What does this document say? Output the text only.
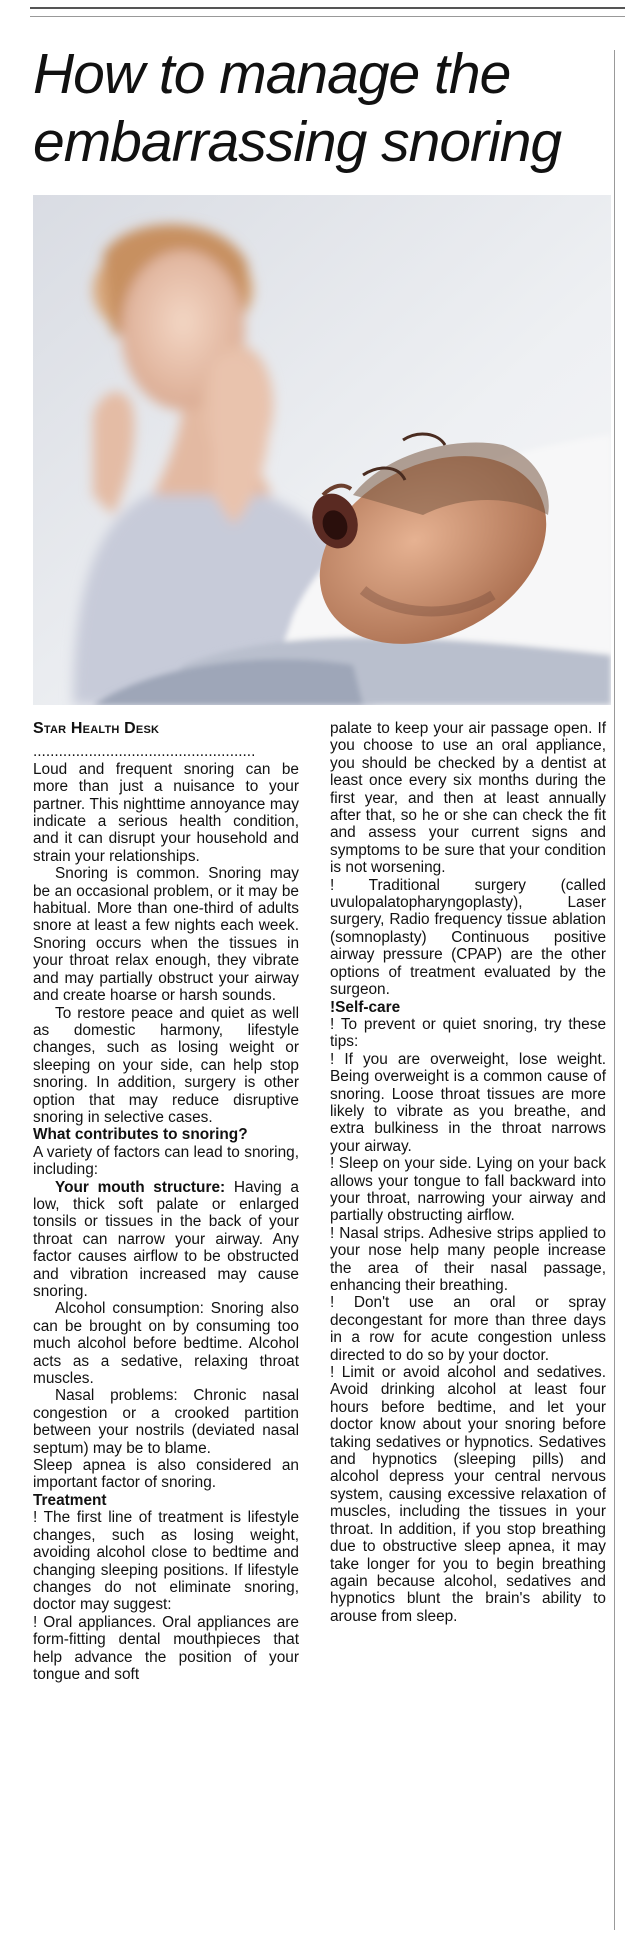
How to manage the embarrassing snoring

Star Health Desk

....................................................

Loud and frequent snoring can be more than just a nuisance to your partner. This nighttime annoyance may indicate a serious health condition, and it can disrupt your household and strain your relationships.

Snoring is common. Snoring may be an occasional problem, or it may be habitual. More than one-third of adults snore at least a few nights each week. Snoring occurs when the tissues in your throat relax enough, they vibrate and may partially obstruct your airway and create hoarse or harsh sounds.

To restore peace and quiet as well as domestic harmony, lifestyle changes, such as losing weight or sleeping on your side, can help stop snoring. In addition, surgery is other option that may reduce disruptive snoring in selective cases.

What contributes to snoring?

A variety of factors can lead to snoring, including:

Your mouth structure: Having a low, thick soft palate or enlarged tonsils or tissues in the back of your throat can narrow your airway. Any factor causes airflow to be obstructed and vibration increased may cause snoring.

Alcohol consumption: Snoring also can be brought on by consuming too much alcohol before bedtime. Alcohol acts as a sedative, relaxing throat muscles.

Nasal problems: Chronic nasal congestion or a crooked partition between your nostrils (deviated nasal septum) may be to blame.

Sleep apnea is also considered an important factor of snoring.

Treatment

! The first line of treatment is lifestyle changes, such as losing weight, avoiding alcohol close to bedtime and changing sleeping positions. If lifestyle changes do not eliminate snoring, doctor may suggest:

! Oral appliances. Oral appliances are form-fitting dental mouthpieces that help advance the position of your tongue and soft

palate to keep your air passage open. If you choose to use an oral appliance, you should be checked by a dentist at least once every six months during the first year, and then at least annually after that, so he or she can check the fit and assess your current signs and symptoms to be sure that your condition is not worsening.

! Traditional surgery (called uvulopalatopharyngoplasty), Laser surgery, Radio frequency tissue ablation (somnoplasty) Continuous positive airway pressure (CPAP) are the other options of treatment evaluated by the surgeon.

!Self-care

! To prevent or quiet snoring, try these tips:

! If you are overweight, lose weight. Being overweight is a common cause of snoring. Loose throat tissues are more likely to vibrate as you breathe, and extra bulkiness in the throat narrows your airway.

! Sleep on your side. Lying on your back allows your tongue to fall backward into your throat, narrowing your airway and partially obstructing airflow.

! Nasal strips. Adhesive strips applied to your nose help many people increase the area of their nasal passage, enhancing their breathing.

! Don't use an oral or spray decongestant for more than three days in a row for acute congestion unless directed to do so by your doctor.

! Limit or avoid alcohol and sedatives. Avoid drinking alcohol at least four hours before bedtime, and let your doctor know about your snoring before taking sedatives or hypnotics. Sedatives and hypnotics (sleeping pills) and alcohol depress your central nervous system, causing excessive relaxation of muscles, including the tissues in your throat. In addition, if you stop breathing due to obstructive sleep apnea, it may take longer for you to begin breathing again because alcohol, sedatives and hypnotics blunt the brain's ability to arouse from sleep.
